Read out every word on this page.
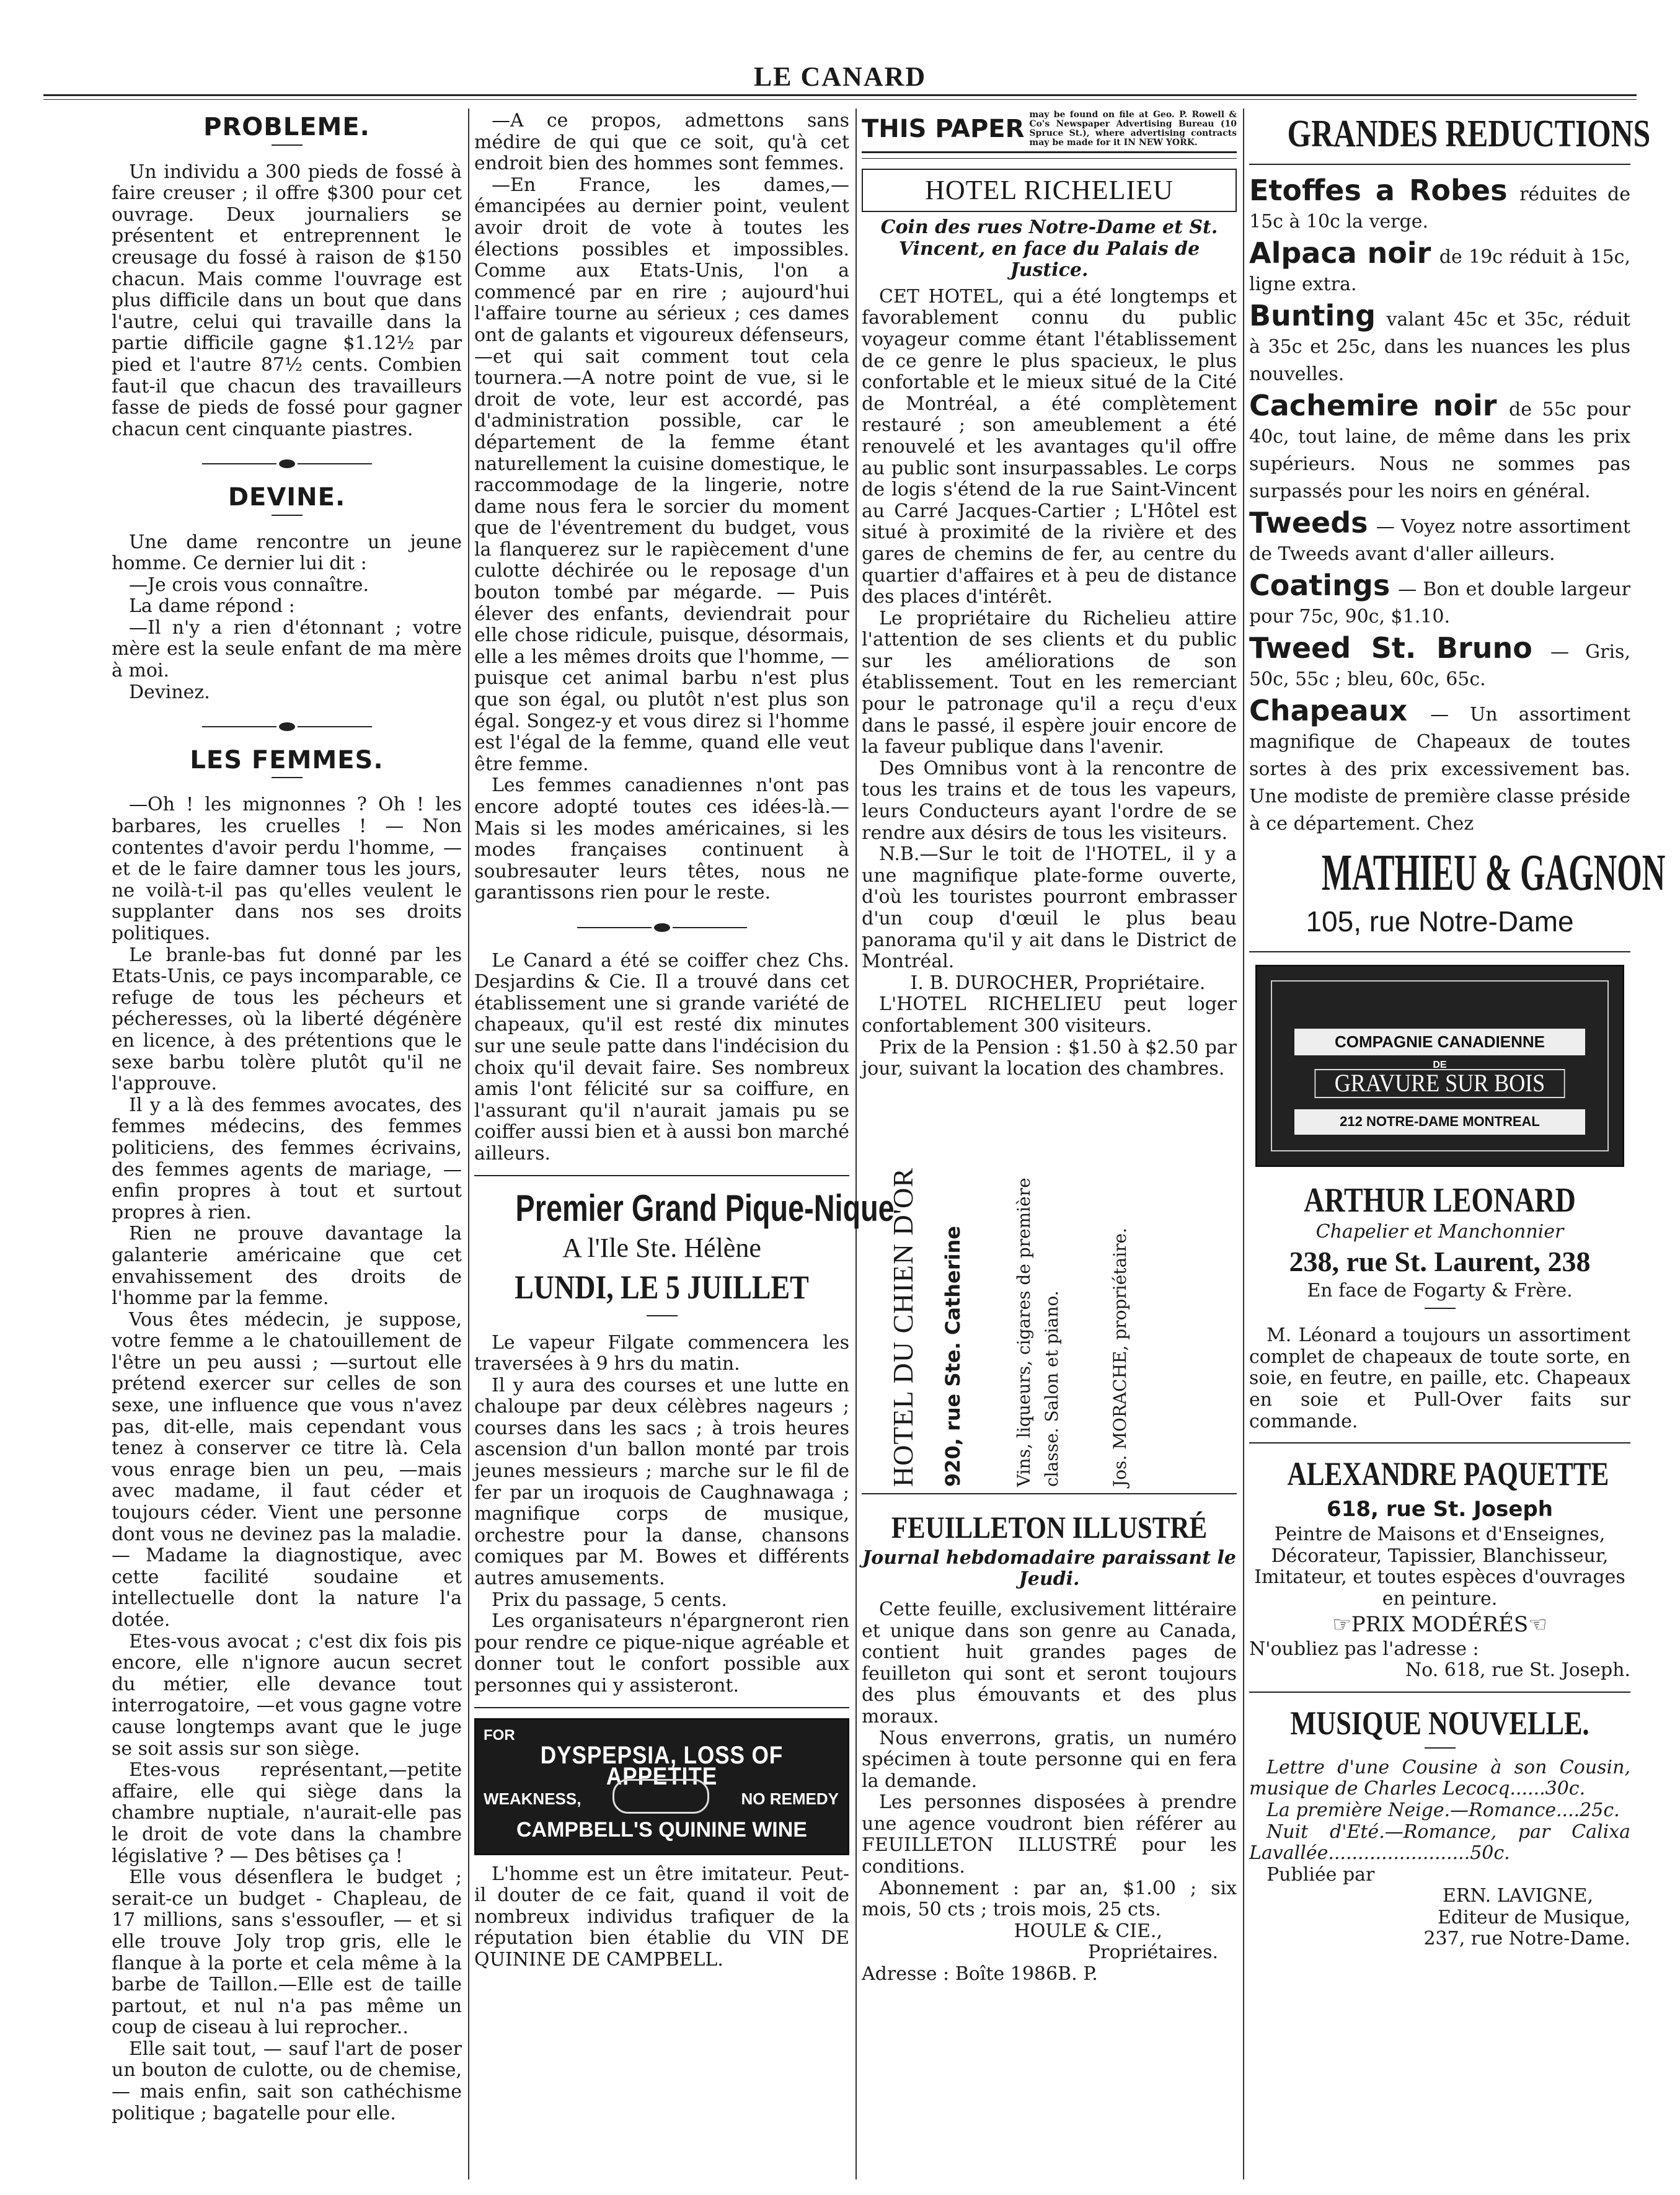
LE CANARD
PROBLEME.

Un individu a 300 pieds de fossé à faire creuser ; il offre $300 pour cet ouvrage. Deux journaliers se présentent et entreprennent le creusage du fossé à raison de $150 chacun. Mais comme l'ouvrage est plus difficile dans un bout que dans l'autre, celui qui travaille dans la partie difficile gagne $1.12½ par pied et l'autre 87½ cents. Combien faut-il que chacun des travailleurs fasse de pieds de fossé pour gagner chacun cent cinquante piastres.

DEVINE.

Une dame rencontre un jeune homme. Ce dernier lui dit :

—Je crois vous connaître.

La dame répond :

—Il n'y a rien d'étonnant ; votre mère est la seule enfant de ma mère à moi.

Devinez.

LES FEMMES.

—Oh ! les mignonnes ? Oh ! les barbares, les cruelles ! — Non contentes d'avoir perdu l'homme, — et de le faire damner tous les jours, ne voilà-t-il pas qu'elles veulent le supplanter dans nos ses droits politiques.

Le branle-bas fut donné par les Etats-Unis, ce pays incomparable, ce refuge de tous les pécheurs et pécheresses, où la liberté dégénère en licence, à des prétentions que le sexe barbu tolère plutôt qu'il ne l'approuve.

Il y a là des femmes avocates, des femmes médecins, des femmes politiciens, des femmes écrivains, des femmes agents de mariage, — enfin propres à tout et surtout propres à rien.

Rien ne prouve davantage la galanterie américaine que cet envahissement des droits de l'homme par la femme.

Vous êtes médecin, je suppose, votre femme a le chatouillement de l'être un peu aussi ; —surtout elle prétend exercer sur celles de son sexe, une influence que vous n'avez pas, dit-elle, mais cependant vous tenez à conserver ce titre là. Cela vous enrage bien un peu, —mais avec madame, il faut céder et toujours céder. Vient une personne dont vous ne devinez pas la maladie.— Madame la diagnostique, avec cette facilité soudaine et intellectuelle dont la nature l'a dotée.

Etes-vous avocat ; c'est dix fois pis encore, elle n'ignore aucun secret du métier, elle devance tout interrogatoire, —et vous gagne votre cause longtemps avant que le juge se soit assis sur son siège.

Etes-vous représentant,—petite affaire, elle qui siège dans la chambre nuptiale, n'aurait-elle pas le droit de vote dans la chambre législative ? — Des bêtises ça !

Elle vous désenflera le budget ; serait-ce un budget - Chapleau, de 17 millions, sans s'essoufler, — et si elle trouve Joly trop gris, elle le flanque à la porte et cela même à la barbe de Taillon.—Elle est de taille partout, et nul n'a pas même un coup de ciseau à lui reprocher..

Elle sait tout, — sauf l'art de poser un bouton de culotte, ou de chemise,— mais enfin, sait son cathéchisme politique ; bagatelle pour elle.

—A ce propos, admettons sans médire de qui que ce soit, qu'à cet endroit bien des hommes sont femmes.

—En France, les dames,— émancipées au dernier point, veulent avoir droit de vote à toutes les élections possibles et impossibles. Comme aux Etats-Unis, l'on a commencé par en rire ; aujourd'hui l'affaire tourne au sérieux ; ces dames ont de galants et vigoureux défenseurs,—et qui sait comment tout cela tournera.—A notre point de vue, si le droit de vote, leur est accordé, pas d'administration possible, car le département de la femme étant naturellement la cuisine domestique, le raccommodage de la lingerie, notre dame nous fera le sorcier du moment que de l'éventrement du budget, vous la flanquerez sur le rapiècement d'une culotte déchirée ou le reposage d'un bouton tombé par mégarde. — Puis élever des enfants, deviendrait pour elle chose ridicule, puisque, désormais, elle a les mêmes droits que l'homme, — puisque cet animal barbu n'est plus que son égal, ou plutôt n'est plus son égal. Songez-y et vous direz si l'homme est l'égal de la femme, quand elle veut être femme.

Les femmes canadiennes n'ont pas encore adopté toutes ces idées-là.— Mais si les modes américaines, si les modes françaises continuent à soubresauter leurs têtes, nous ne garantissons rien pour le reste.

Le Canard a été se coiffer chez Chs. Desjardins & Cie. Il a trouvé dans cet établissement une si grande variété de chapeaux, qu'il est resté dix minutes sur une seule patte dans l'indécision du choix qu'il devait faire. Ses nombreux amis l'ont félicité sur sa coiffure, en l'assurant qu'il n'aurait jamais pu se coiffer aussi bien et à aussi bon marché ailleurs.

Premier Grand Pique-Nique
A l'Ile Ste. Hélène
LUNDI, LE 5 JUILLET

Le vapeur Filgate commencera les traversées à 9 hrs du matin.

Il y aura des courses et une lutte en chaloupe par deux célèbres nageurs ; courses dans les sacs ; à trois heures ascension d'un ballon monté par trois jeunes messieurs ; marche sur le fil de fer par un iroquois de Caughnawaga ; magnifique corps de musique, orchestre pour la danse, chansons comiques par M. Bowes et différents autres amusements.

Prix du passage, 5 cents.

Les organisateurs n'épargneront rien pour rendre ce pique-nique agréable et donner tout le confort possible aux personnes qui y assisteront.

FOR
DYSPEPSIA, LOSS OF APPETITE
WEAKNESS,	NO REMEDY
CAMPBELL'S QUININE WINE

L'homme est un être imitateur. Peut-il douter de ce fait, quand il voit de nombreux individus trafiquer de la réputation bien établie du VIN DE QUININE DE CAMPBELL.

THIS PAPER may be found on file at Geo. P. Rowell & Co's Newspaper Advertising Bureau (10 Spruce St.), where advertising contracts may be made for it IN NEW YORK.
HOTEL RICHELIEU
Coin des rues Notre-Dame et St. Vincent, en face du Palais de Justice.

CET HOTEL, qui a été longtemps et favorablement connu du public voyageur comme étant l'établissement de ce genre le plus spacieux, le plus confortable et le mieux situé de la Cité de Montréal, a été complètement restauré ; son ameublement a été renouvelé et les avantages qu'il offre au public sont insurpassables. Le corps de logis s'étend de la rue Saint-Vincent au Carré Jacques-Cartier ; L'Hôtel est situé à proximité de la rivière et des gares de chemins de fer, au centre du quartier d'affaires et à peu de distance des places d'intérêt.

Le propriétaire du Richelieu attire l'attention de ses clients et du public sur les améliorations de son établissement. Tout en les remerciant pour le patronage qu'il a reçu d'eux dans le passé, il espère jouir encore de la faveur publique dans l'avenir.

Des Omnibus vont à la rencontre de tous les trains et de tous les vapeurs, leurs Conducteurs ayant l'ordre de se rendre aux désirs de tous les visiteurs.

N.B.—Sur le toit de l'HOTEL, il y a une magnifique plate-forme ouverte, d'où les touristes pourront embrasser d'un coup d'œuil le plus beau panorama qu'il y ait dans le District de Montréal.

I. B. DUROCHER, Propriétaire.

L'HOTEL RICHELIEU peut loger confortablement 300 visiteurs.

Prix de la Pension : $1.50 à $2.50 par jour, suivant la location des chambres.

HOTEL DU CHIEN D'OR 920, rue Ste. Catherine	Vins, liqueurs, cigares de première classe. Salon et piano.	Jos. MORACHE, propriétaire.
FEUILLETON ILLUSTRÉ
Journal hebdomadaire paraissant le Jeudi.

Cette feuille, exclusivement littéraire et unique dans son genre au Canada, contient huit grandes pages de feuilleton qui sont et seront toujours des plus émouvants et des plus moraux.

Nous enverrons, gratis, un numéro spécimen à toute personne qui en fera la demande.

Les personnes disposées à prendre une agence voudront bien référer au FEUILLETON ILLUSTRÉ pour les conditions.

Abonnement : par an, $1.00 ; six mois, 50 cts ; trois mois, 25 cts.

HOULE & CIE.,

Propriétaires.

Adresse : Boîte 1986B. P.

GRANDES REDUCTIONS
Etoffes a Robes réduites de 15c à 10c la verge.
Alpaca noir de 19c réduit à 15c, ligne extra.
Bunting valant 45c et 35c, réduit à 35c et 25c, dans les nuances les plus nouvelles.
Cachemire noir de 55c pour 40c, tout laine, de même dans les prix supérieurs. Nous ne sommes pas surpassés pour les noirs en général.
Tweeds — Voyez notre assortiment de Tweeds avant d'aller ailleurs.
Coatings — Bon et double largeur pour 75c, 90c, $1.10.
Tweed St. Bruno — Gris, 50c, 55c ; bleu, 60c, 65c.
Chapeaux — Un assortiment magnifique de Chapeaux de toutes sortes à des prix excessivement bas. Une modiste de première classe préside à ce département. Chez
MATHIEU & GAGNON
105, rue Notre-Dame
COMPAGNIE CANADIENNE
DE
GRAVURE SUR BOIS
212 NOTRE-DAME MONTREAL
ARTHUR LEONARD
Chapelier et Manchonnier
238, rue St. Laurent, 238
En face de Fogarty & Frère.

M. Léonard a toujours un assortiment complet de chapeaux de toute sorte, en soie, en feutre, en paille, etc. Chapeaux en soie et Pull-Over faits sur commande.

ALEXANDRE PAQUETTE
618, rue St. Joseph

Peintre de Maisons et d'Enseignes, Décorateur, Tapissier, Blanchisseur, Imitateur, et toutes espèces d'ouvrages en peinture.

☞PRIX MODÉRÉS☜

N'oubliez pas l'adresse :

No. 618, rue St. Joseph.

MUSIQUE NOUVELLE.

Lettre d'une Cousine à son Cousin, musique de Charles Lecocq......30c.

La première Neige.—Romance....25c.

Nuit d'Eté.—Romance, par Calixa Lavallée........................50c.

Publiée par

ERN. LAVIGNE,

Editeur de Musique,

237, rue Notre-Dame.
